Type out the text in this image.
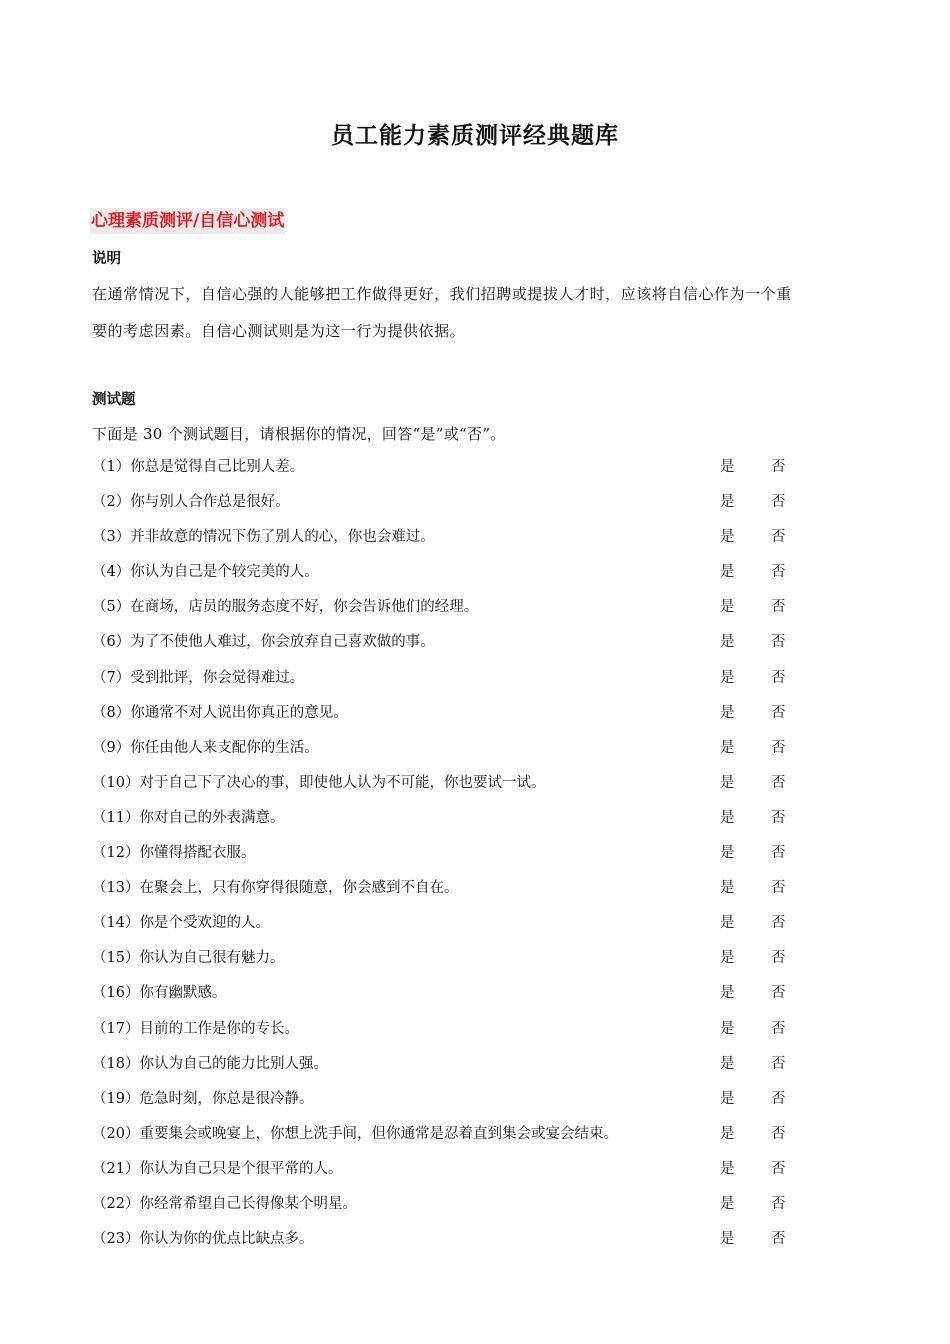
员工能力素质测评经典题库
心理素质测评/自信心测试
说明
在通常情况下，自信心强的人能够把工作做得更好，我们招聘或提拔人才时，应该将自信心作为一个重
要的考虑因素。自信心测试则是为这一行为提供依据。
测试题
下面是 30 个测试题目，请根据你的情况，回答“是”或“否”。
（1）你总是觉得自己比别人差。	是	否
（2）你与别人合作总是很好。	是	否
（3）并非故意的情况下伤了别人的心，你也会难过。	是	否
（4）你认为自己是个较完美的人。	是	否
（5）在商场，店员的服务态度不好，你会告诉他们的经理。	是	否
（6）为了不使他人难过，你会放弃自己喜欢做的事。	是	否
（7）受到批评，你会觉得难过。	是	否
（8）你通常不对人说出你真正的意见。	是	否
（9）你任由他人来支配你的生活。	是	否
（10）对于自己下了决心的事，即使他人认为不可能，你也要试一试。	是	否
（11）你对自己的外表满意。	是	否
（12）你懂得搭配衣服。	是	否
（13）在聚会上，只有你穿得很随意，你会感到不自在。	是	否
（14）你是个受欢迎的人。	是	否
（15）你认为自己很有魅力。	是	否
（16）你有幽默感。	是	否
（17）目前的工作是你的专长。	是	否
（18）你认为自己的能力比别人强。	是	否
（19）危急时刻，你总是很冷静。	是	否
（20）重要集会或晚宴上，你想上洗手间，但你通常是忍着直到集会或宴会结束。	是	否
（21）你认为自己只是个很平常的人。	是	否
（22）你经常希望自己长得像某个明星。	是	否
（23）你认为你的优点比缺点多。	是	否
